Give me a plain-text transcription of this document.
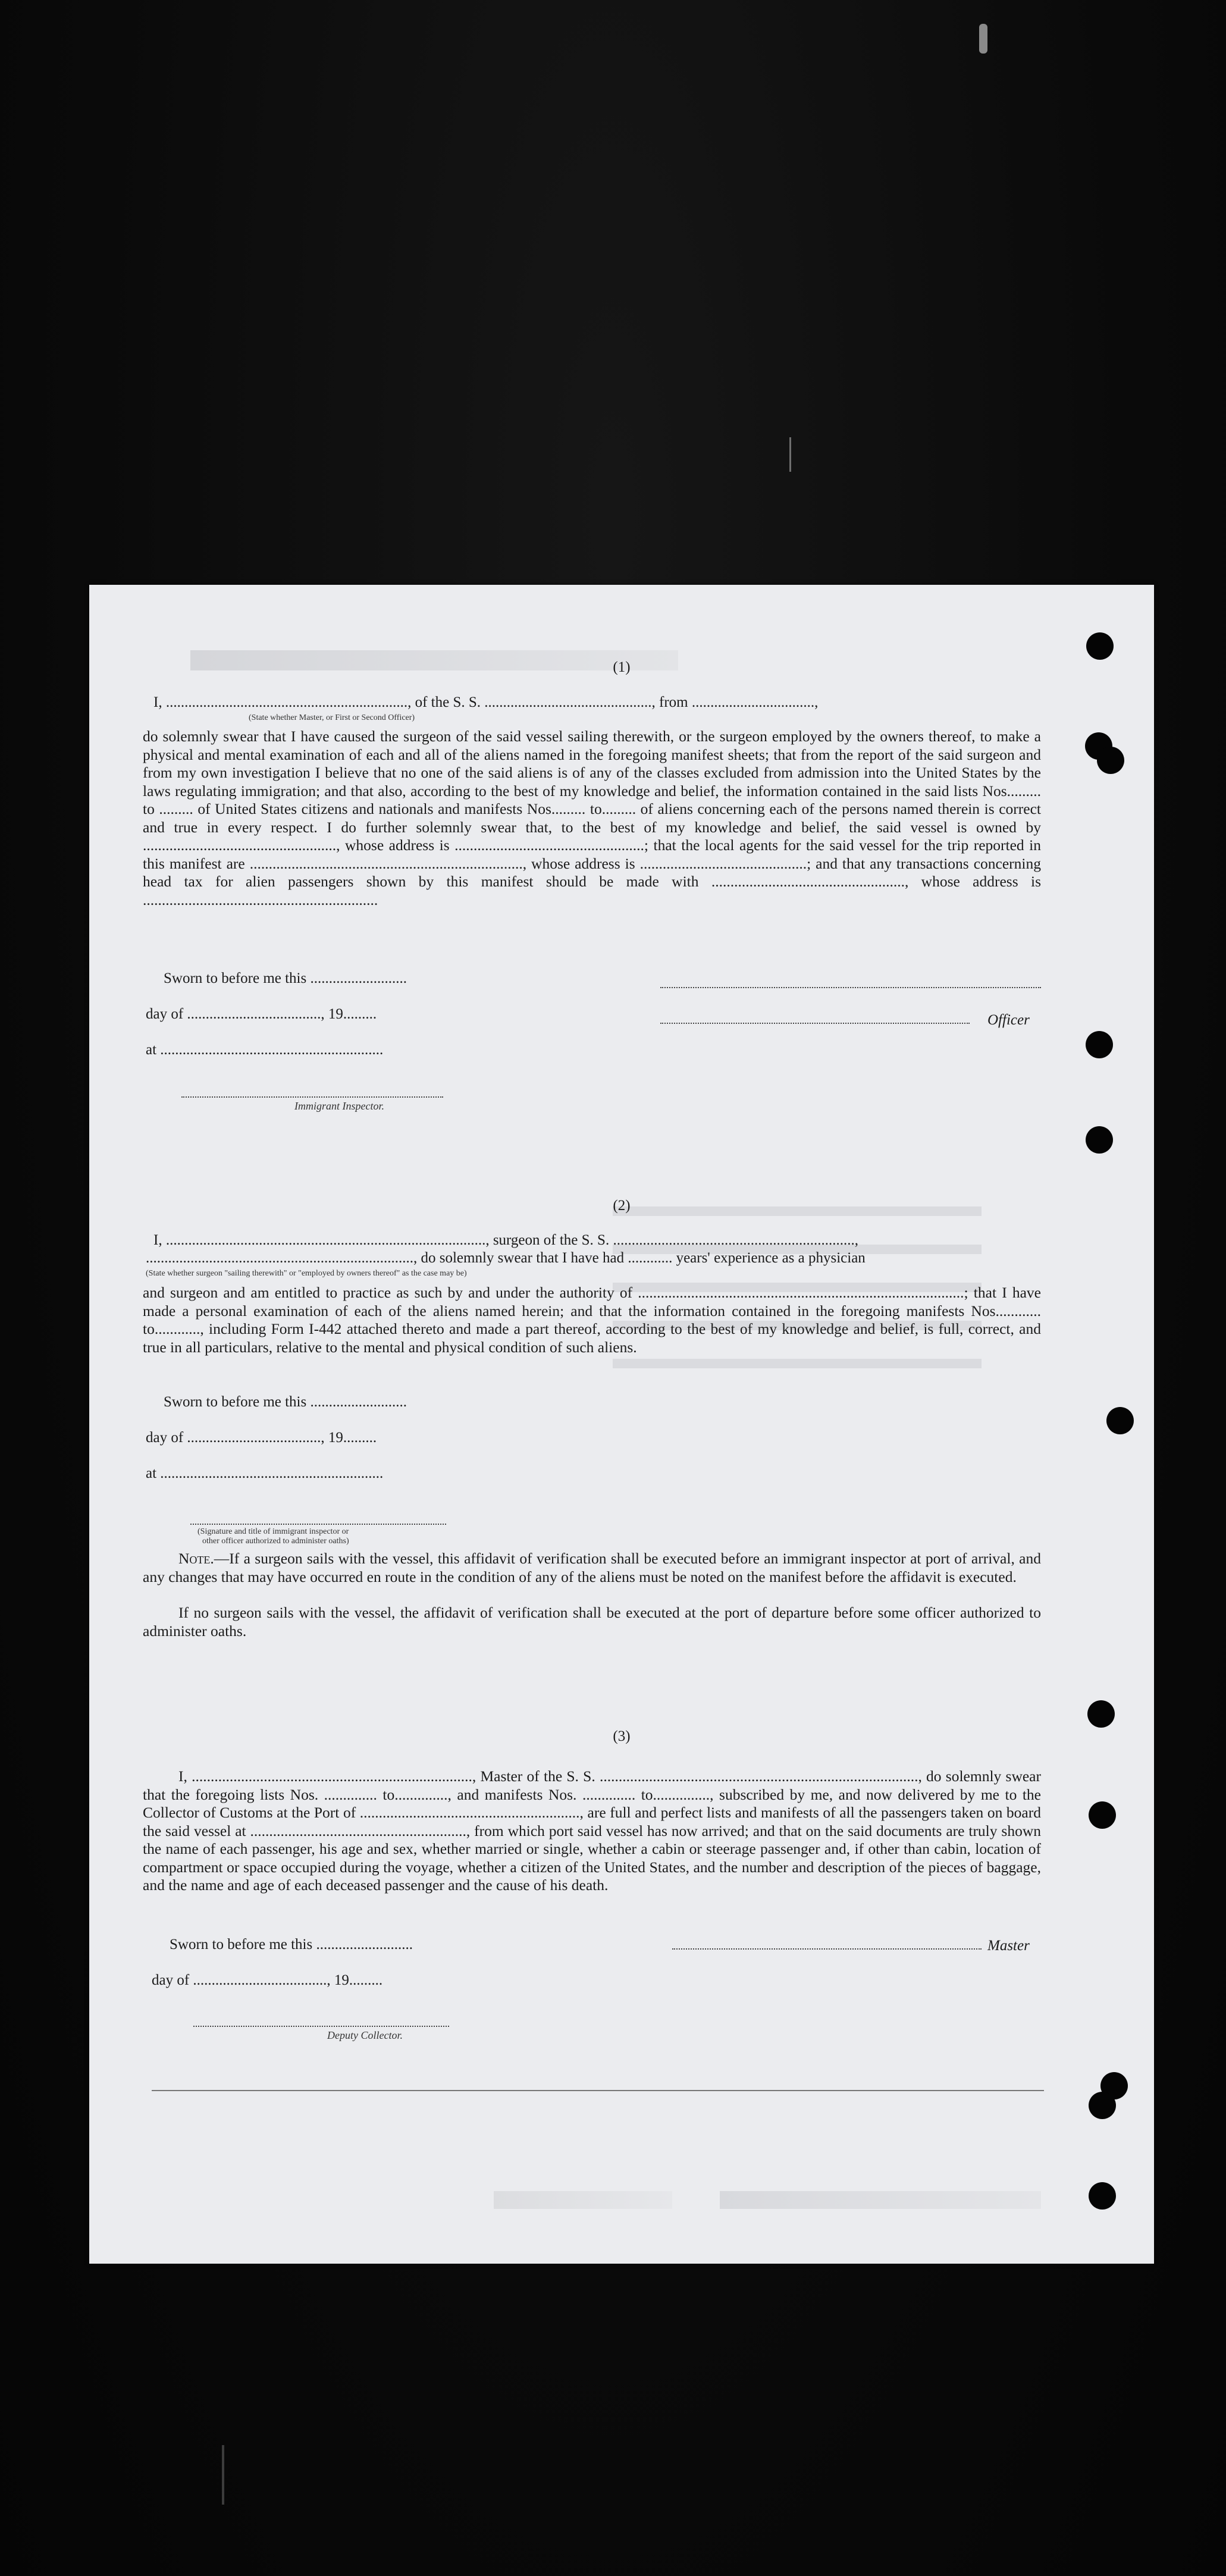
(1)
I, ................................................................., of the S. S. ............................................., from .................................,
(State whether Master, or First or Second Officer)
do solemnly swear that I have caused the surgeon of the said vessel sailing therewith, or the surgeon employed by the owners thereof, to make a physical and mental examination of each and all of the aliens named in the foregoing manifest sheets; that from the report of the said surgeon and from my own investigation I believe that no one of the said aliens is of any of the classes excluded from admission into the United States by the laws regulating immigration; and that also, according to the best of my knowledge and belief, the information contained in the said lists Nos......... to ......... of United States citizens and nationals and manifests Nos......... to......... of aliens concerning each of the persons named therein is correct and true in every respect. I do further solemnly swear that, to the best of my knowledge and belief, the said vessel is owned by ..................................................., whose address is ..................................................; that the local agents for the said vessel for the trip reported in this manifest are ........................................................................, whose address is ............................................; and that any transactions concerning head tax for alien passengers shown by this manifest should be made with ..................................................., whose address is ..............................................................
Sworn to before me this ..........................
day of ...................................., 19.........
at ............................................................
Officer
Immigrant Inspector.
(2)
I, ......................................................................................, surgeon of the S. S. .................................................................,
........................................................................, do solemnly swear that I have had ............ years' experience as a physician
(State whether surgeon "sailing therewith" or "employed by owners thereof" as the case may be)
and surgeon and am entitled to practice as such by and under the authority of ......................................................................................; that I have made a personal examination of each of the aliens named herein; and that the information contained in the foregoing manifests Nos............ to............, including Form I-442 attached thereto and made a part thereof, according to the best of my knowledge and belief, is full, correct, and true in all particulars, relative to the mental and physical condition of such aliens.
Sworn to before me this ..........................
day of ...................................., 19.........
at ............................................................
(Signature and title of immigrant inspector or
other officer authorized to administer oaths)
Note.—If a surgeon sails with the vessel, this affidavit of verification shall be executed before an immigrant inspector at port of arrival, and any changes that may have occurred en route in the condition of any of the aliens must be noted on the manifest before the affidavit is executed.
If no surgeon sails with the vessel, the affidavit of verification shall be executed at the port of departure before some officer authorized to administer oaths.
(3)
I, .........................................................................., Master of the S. S. ...................................................................................., do solemnly swear that the foregoing lists Nos. .............. to.............., and manifests Nos. .............. to..............., subscribed by me, and now delivered by me to the Collector of Customs at the Port of .........................................................., are full and perfect lists and manifests of all the passengers taken on board the said vessel at ........................................................., from which port said vessel has now arrived; and that on the said documents are truly shown the name of each passenger, his age and sex, whether married or single, whether a cabin or steerage passenger and, if other than cabin, location of compartment or space occupied during the voyage, whether a citizen of the United States, and the number and description of the pieces of baggage, and the name and age of each deceased passenger and the cause of his death.
Sworn to before me this ..........................
day of ...................................., 19.........
Master
Deputy Collector.
